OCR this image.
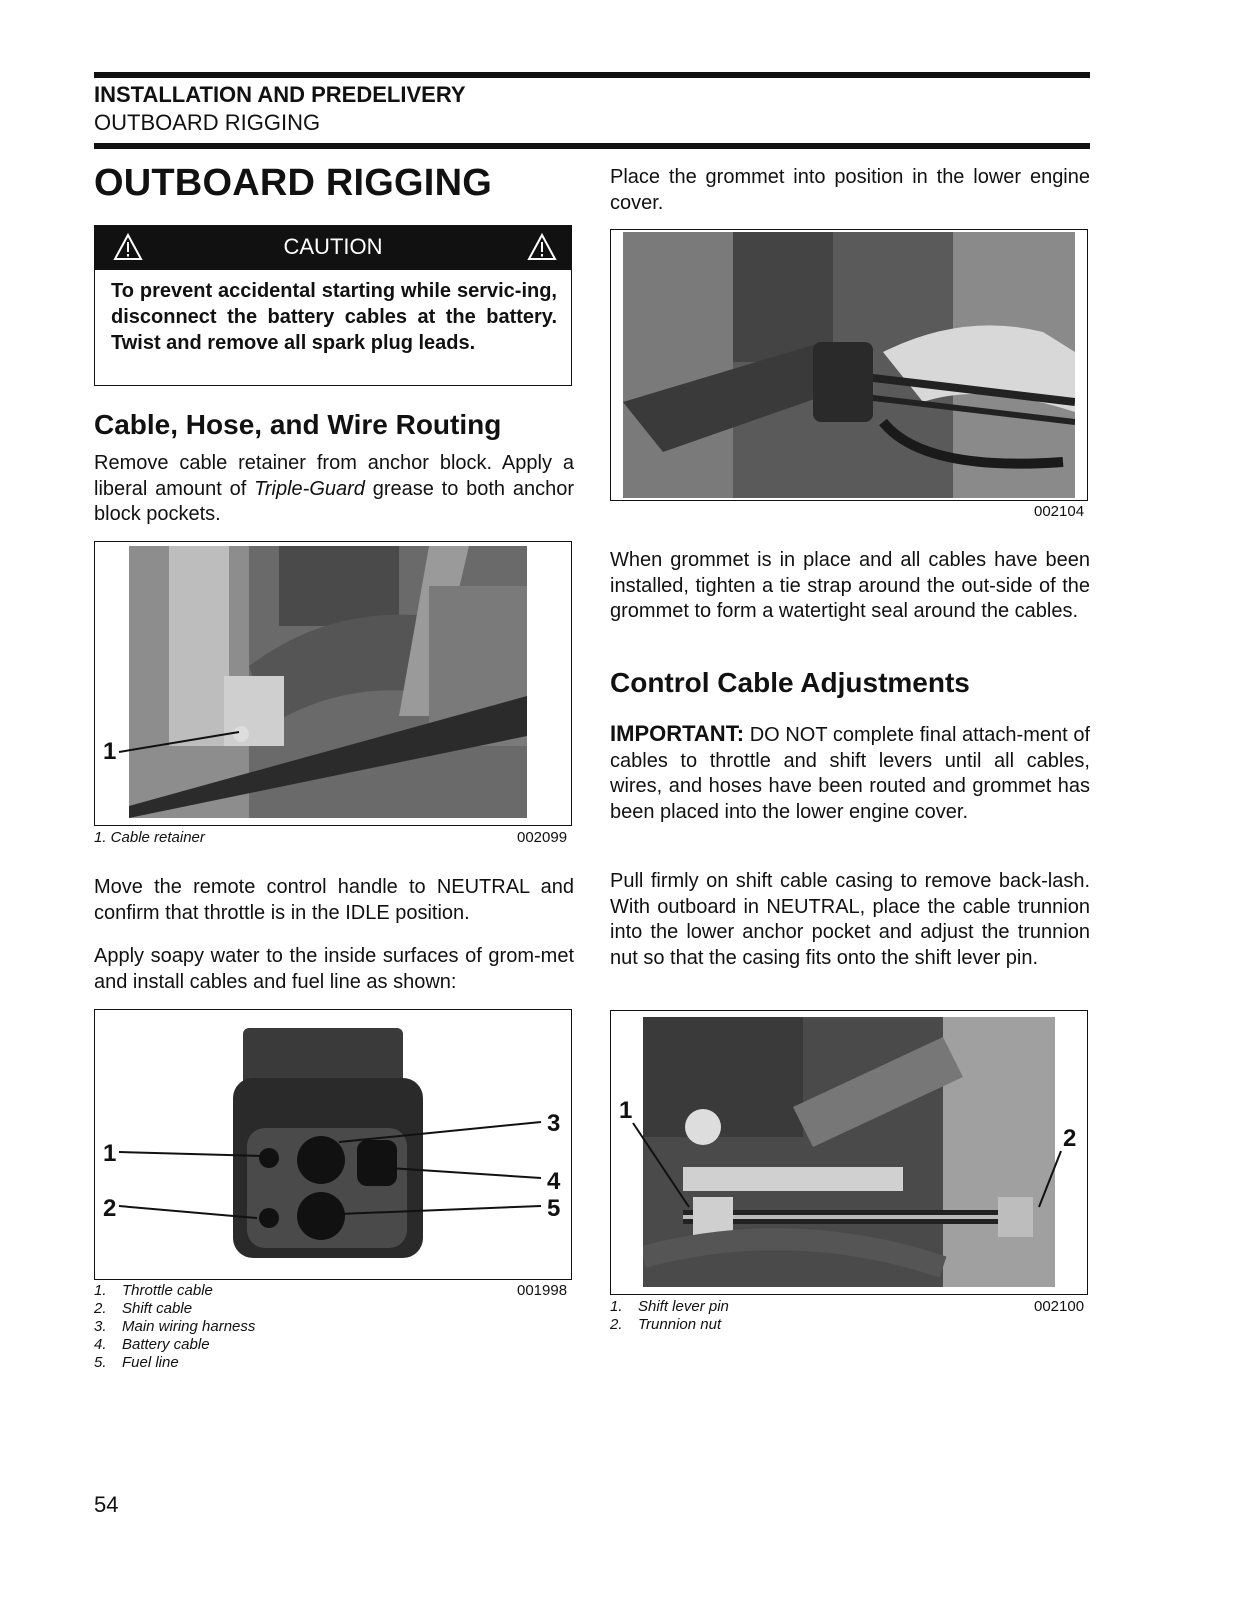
INSTALLATION AND PREDELIVERY
OUTBOARD RIGGING
OUTBOARD RIGGING
CAUTION
To prevent accidental starting while servic-ing, disconnect the battery cables at the battery. Twist and remove all spark plug leads.
Cable, Hose, and Wire Routing
Remove cable retainer from anchor block. Apply a liberal amount of Triple-Guard grease to both anchor block pockets.
1
1. Cable retainer	002099
Move the remote control handle to NEUTRAL and confirm that throttle is in the IDLE position.
Apply soapy water to the inside surfaces of grom-met and install cables and fuel line as shown:
1
2
3
4
5
1.	Throttle cable
2.	Shift cable
3.	Main wiring harness
4.	Battery cable
5.	Fuel line
001998
Place the grommet into position in the lower engine cover.
002104
When grommet is in place and all cables have been installed, tighten a tie strap around the out-side of the grommet to form a watertight seal around the cables.
Control Cable Adjustments
IMPORTANT: DO NOT complete final attach-ment of cables to throttle and shift levers until all cables, wires, and hoses have been routed and grommet has been placed into the lower engine cover.
Pull firmly on shift cable casing to remove back-lash. With outboard in NEUTRAL, place the cable trunnion into the lower anchor pocket and adjust the trunnion nut so that the casing fits onto the shift lever pin.
1
2
1.	Shift lever pin
2.	Trunnion nut
002100
54
